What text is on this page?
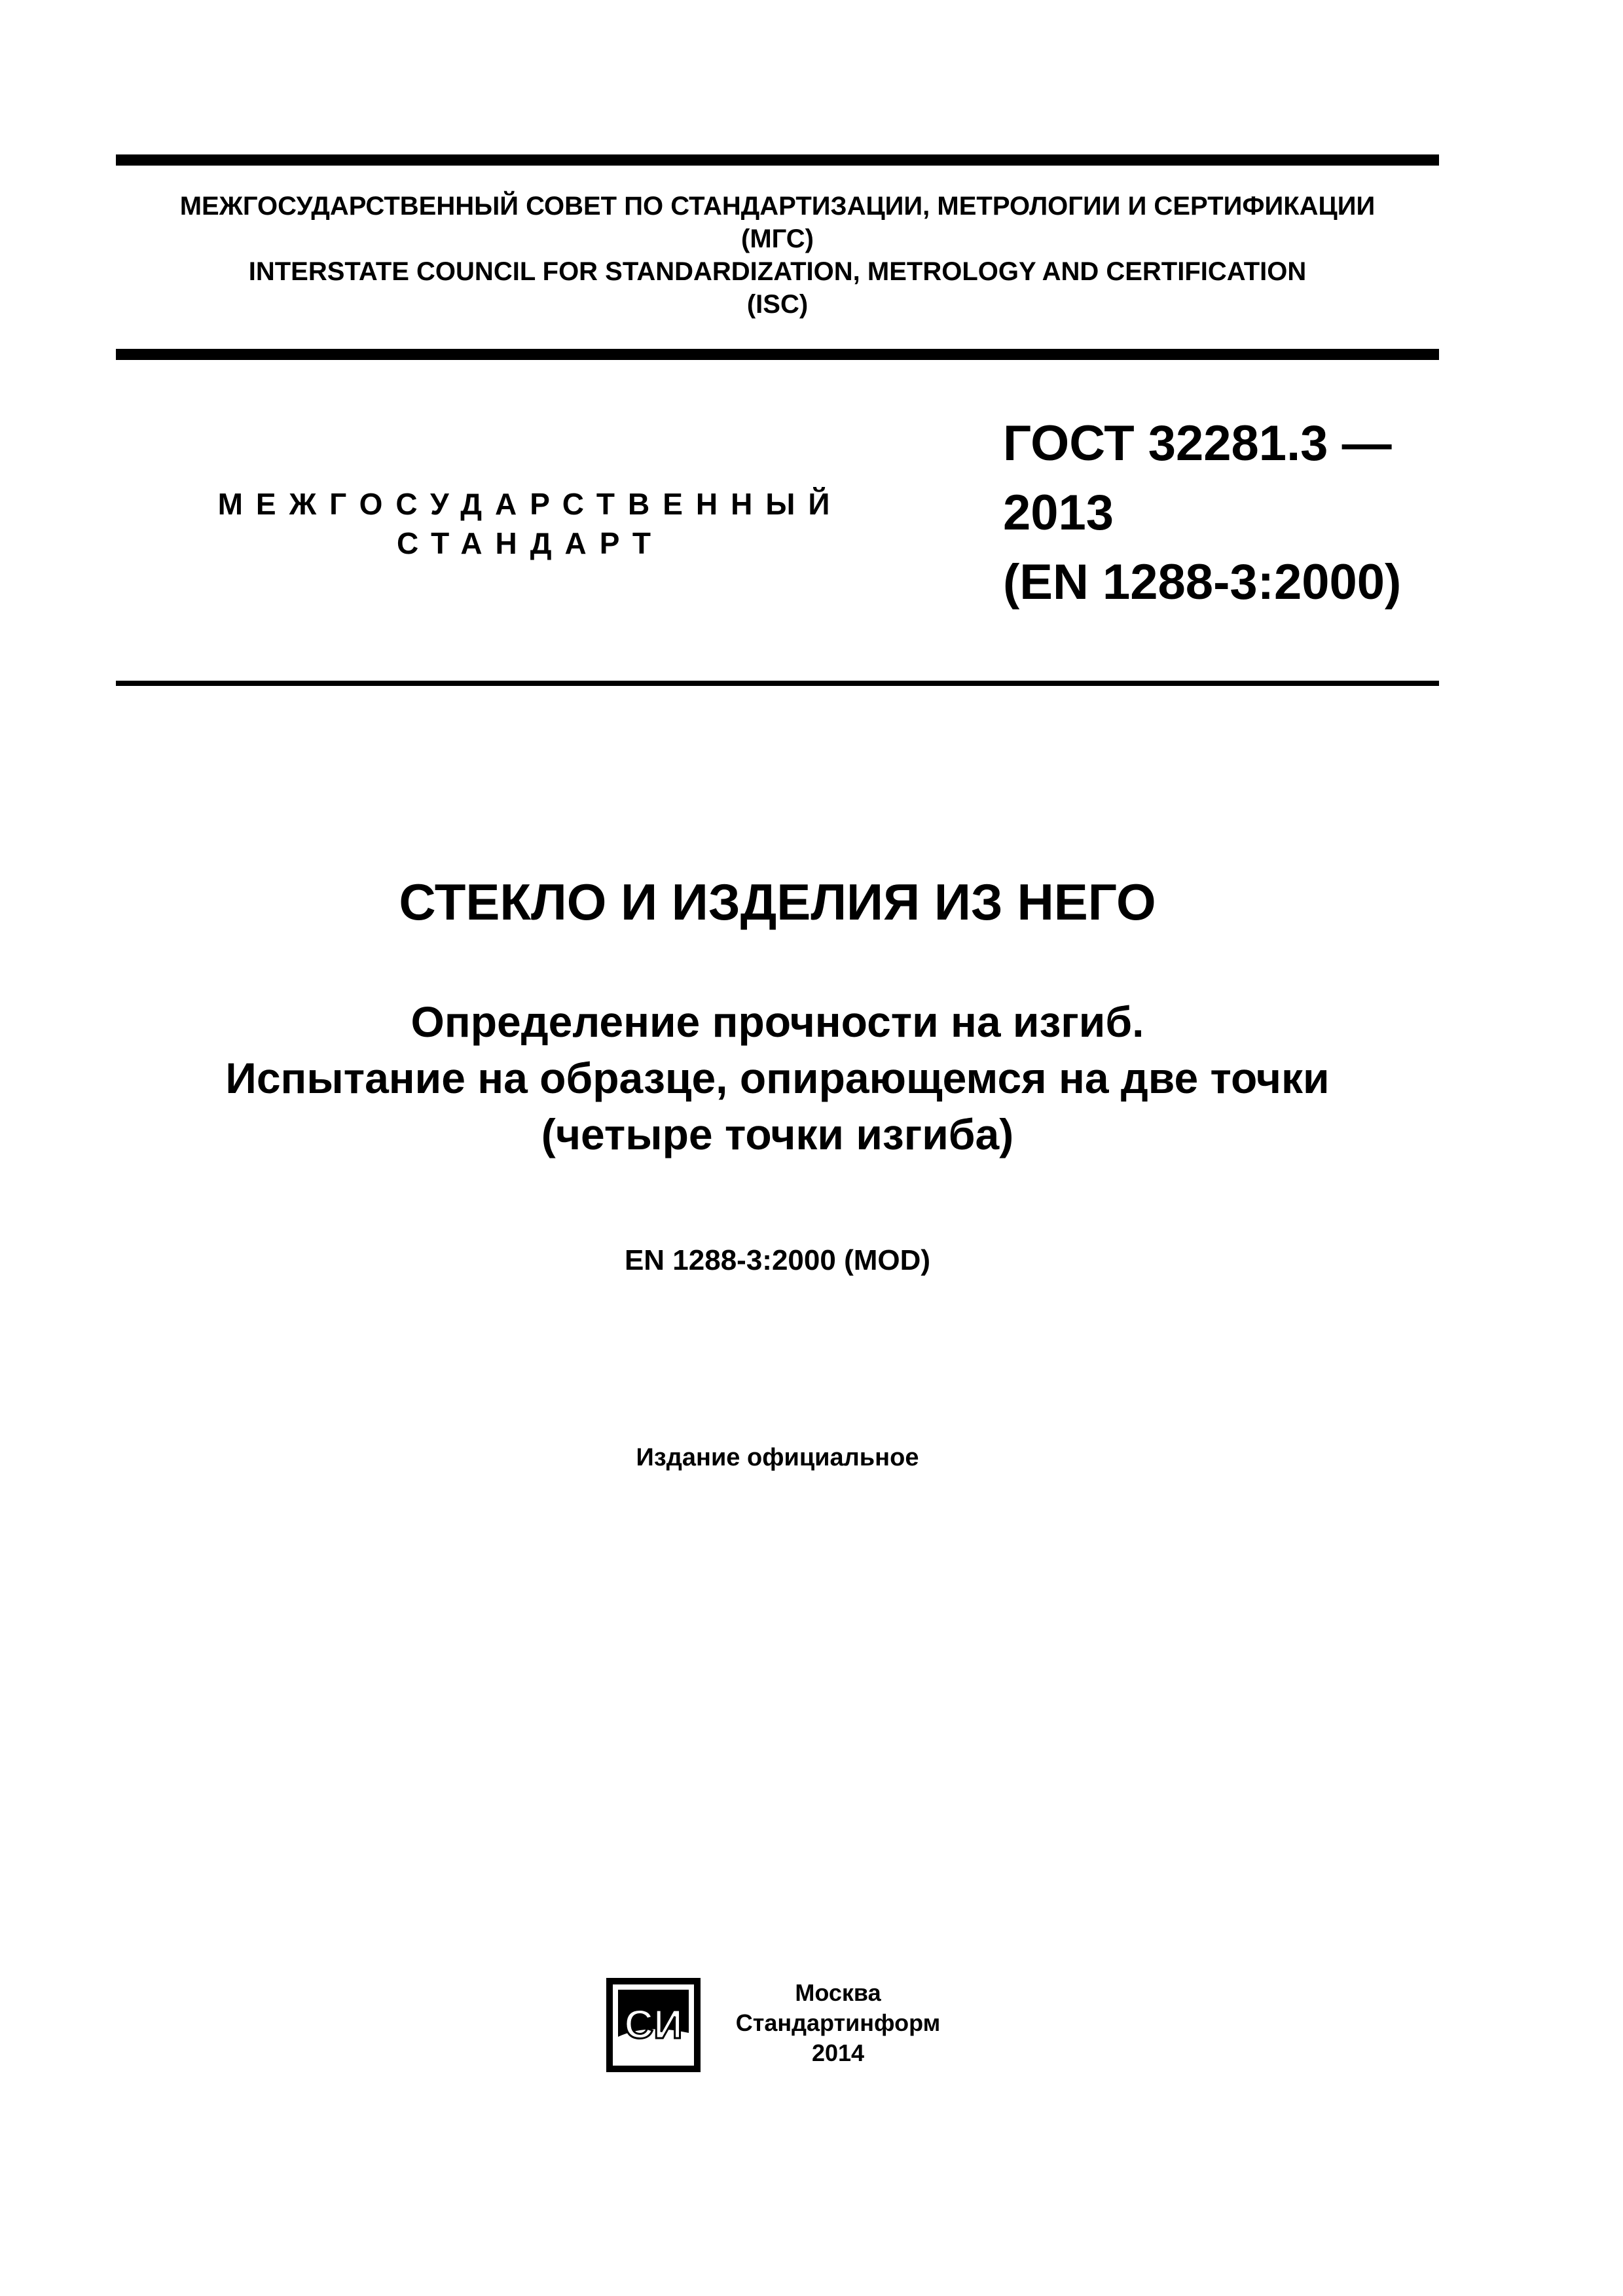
МЕЖГОСУДАРСТВЕННЫЙ СОВЕТ ПО СТАНДАРТИЗАЦИИ, МЕТРОЛОГИИ И СЕРТИФИКАЦИИ
(МГС)
INTERSTATE COUNCIL FOR STANDARDIZATION, METROLOGY AND CERTIFICATION
(ISC)
МЕЖГОСУДАРСТВЕННЫЙ
СТАНДАРТ
ГОСТ 32281.3 —
2013
(EN 1288-3:2000)
СТЕКЛО И ИЗДЕЛИЯ ИЗ НЕГО
Определение прочности на изгиб.
Испытание на образце, опирающемся на две точки
(четыре точки изгиба)
EN 1288-3:2000 (MOD)
Издание официальное
СИ
Москва
Стандартинформ
2014
